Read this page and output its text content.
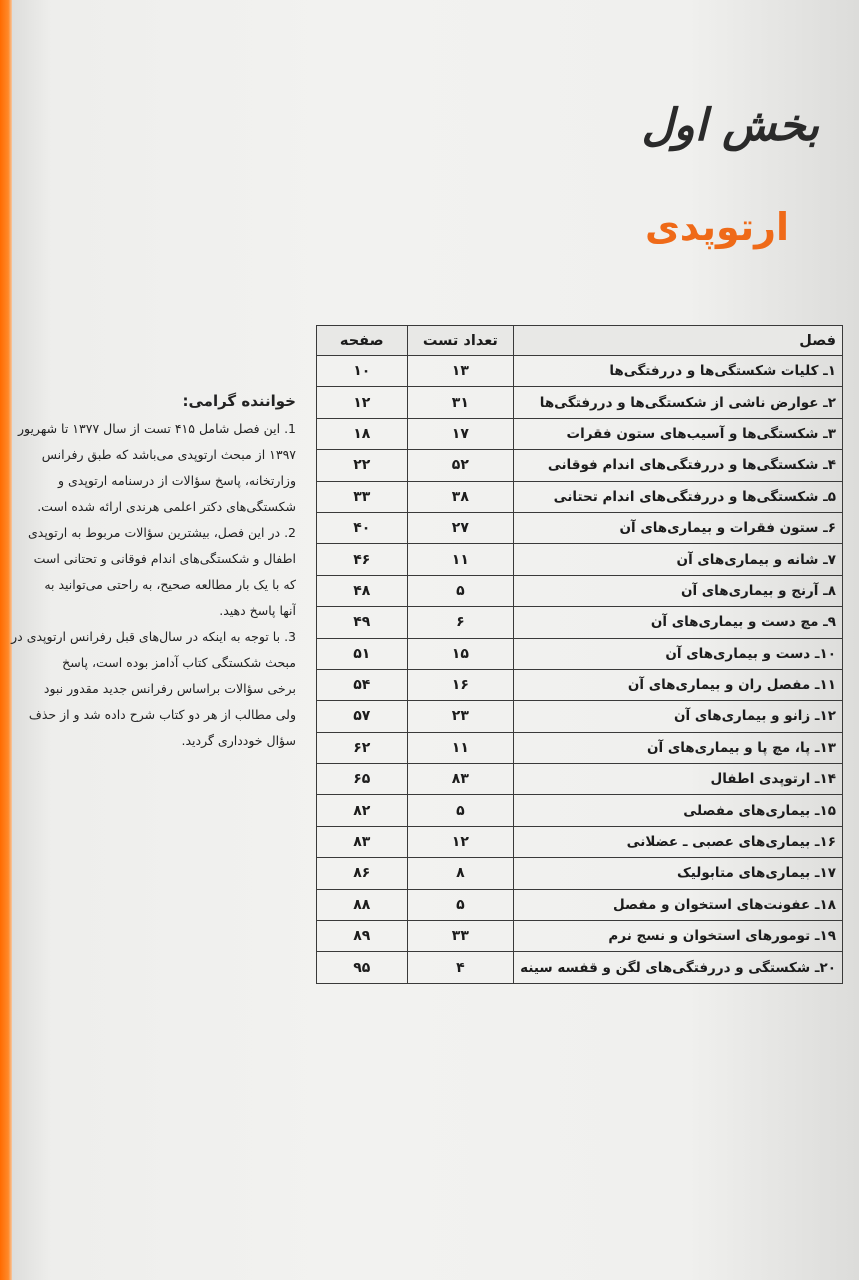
بخش اول
ارتوپدی
خواننده گرامی:
1. این فصل شامل ۴۱۵ تست از سال ۱۳۷۷ تا شهریور
۱۳۹۷ از مبحث ارتوپدی می‌باشد که طبق رفرانس
وزارتخانه، پاسخ سؤالات از درسنامه ارتوپدی و
شکستگی‌های دکتر اعلمی هرندی ارائه شده است.
2. در این فصل، بیشترین سؤالات مربوط به ارتوپدی
اطفال و شکستگی‌های اندام فوقانی و تحتانی است
که با یک بار مطالعه صحیح، به راحتی می‌توانید به
آنها پاسخ دهید.
3. با توجه به اینکه در سال‌های قبل رفرانس ارتوپدی در
مبحث شکستگی کتاب آدامز بوده است، پاسخ
برخی سؤالات براساس رفرانس جدید مقدور نبود
ولی مطالب از هر دو کتاب شرح داده شد و از حذف
سؤال خودداری گردید.
فصل	تعداد تست	صفحه
۱ـ کلیات شکستگی‌ها و دررفتگی‌ها	۱۳	۱۰
۲ـ عوارض ناشی از شکستگی‌ها و دررفتگی‌ها	۳۱	۱۲
۳ـ شکستگی‌ها و آسیب‌های ستون فقرات	۱۷	۱۸
۴ـ شکستگی‌ها و دررفتگی‌های اندام فوقانی	۵۲	۲۲
۵ـ شکستگی‌ها و دررفتگی‌های اندام تحتانی	۳۸	۳۳
۶ـ ستون فقرات و بیماری‌های آن	۲۷	۴۰
۷ـ شانه و بیماری‌های آن	۱۱	۴۶
۸ـ آرنج و بیماری‌های آن	۵	۴۸
۹ـ مچ دست و بیماری‌های آن	۶	۴۹
۱۰ـ دست و بیماری‌های آن	۱۵	۵۱
۱۱ـ مفصل ران و بیماری‌های آن	۱۶	۵۴
۱۲ـ زانو و بیماری‌های آن	۲۳	۵۷
۱۳ـ پا، مچ پا و بیماری‌های آن	۱۱	۶۲
۱۴ـ ارتوپدی اطفال	۸۳	۶۵
۱۵ـ بیماری‌های مفصلی	۵	۸۲
۱۶ـ بیماری‌های عصبی ـ عضلانی	۱۲	۸۳
۱۷ـ بیماری‌های متابولیک	۸	۸۶
۱۸ـ عفونت‌های استخوان و مفصل	۵	۸۸
۱۹ـ تومورهای استخوان و نسج نرم	۳۳	۸۹
۲۰ـ شکستگی و دررفتگی‌های لگن و قفسه سینه	۴	۹۵
